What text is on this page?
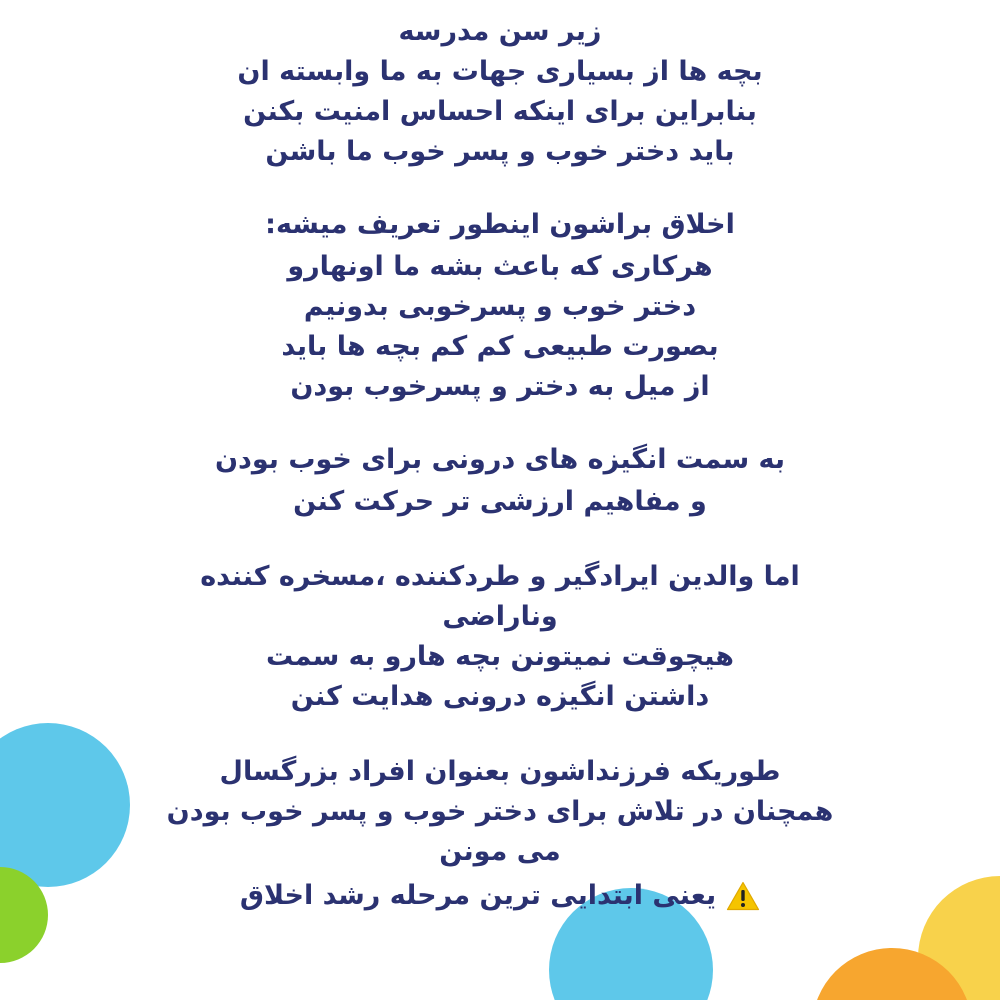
زیر سن مدرسه
بچه ها از بسیاری جهات به ما وابسته ان
بنابراین برای اینکه احساس امنیت بکنن
باید دختر خوب و پسر خوب ما باشن
اخلاق براشون اینطور تعریف میشه:
هرکاری که باعث بشه ما اونهارو
دختر خوب و پسرخوبی بدونیم
بصورت طبیعی کم کم بچه ها باید
از میل به دختر و پسرخوب بودن
به سمت انگیزه های درونی برای خوب بودن
و مفاهیم ارزشی تر حرکت کنن
اما والدین ایرادگیر و طردکننده ،مسخره کننده
وناراضی
هیچوقت نمیتونن بچه هارو به سمت
داشتن انگیزه درونی هدایت کنن
طوریکه فرزنداشون بعنوان افراد بزرگسال
همچنان در تلاش برای دختر خوب و پسر خوب بودن
می مونن
یعنی ابتدایی ترین مرحله رشد اخلاق
